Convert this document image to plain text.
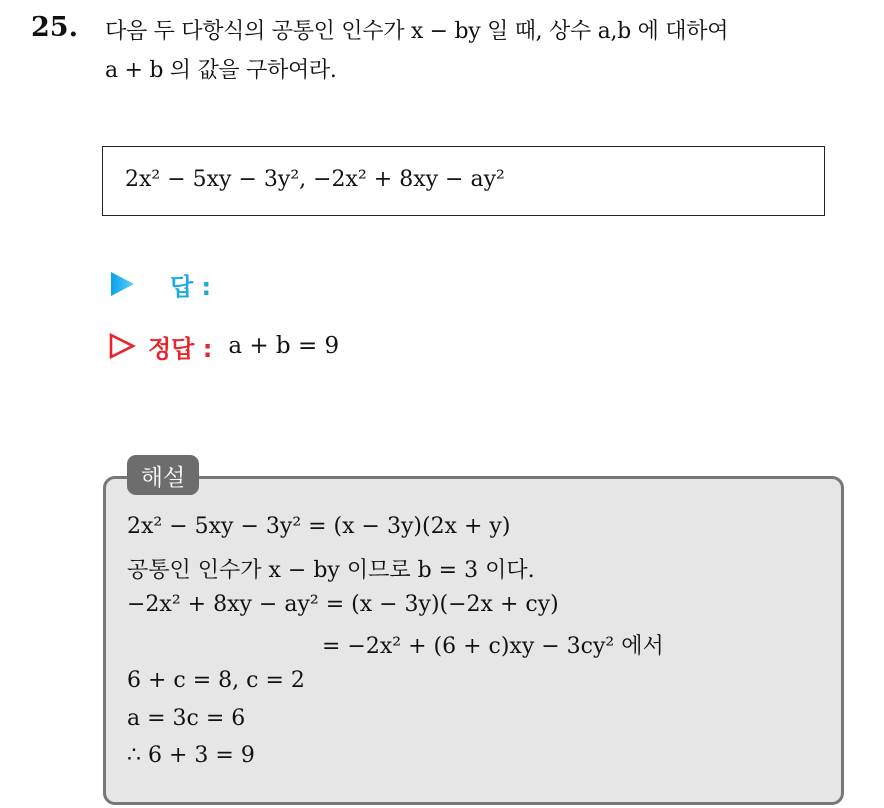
25. 다음 두 다항식의 공통인 인수가 x − by 일 때, 상수 a,b 에 대하여
a + b 의 값을 구하여라.
2x² − 5xy − 3y², −2x² + 8xy − ay²
답 :
정답 : a + b = 9
해설
2x² − 5xy − 3y² = (x − 3y)(2x + y)
공통인 인수가 x − by 이므로 b = 3 이다.
−2x² + 8xy − ay² = (x − 3y)(−2x + cy)
= −2x² + (6 + c)xy − 3cy² 에서
6 + c = 8, c = 2
a = 3c = 6
∴ 6 + 3 = 9
